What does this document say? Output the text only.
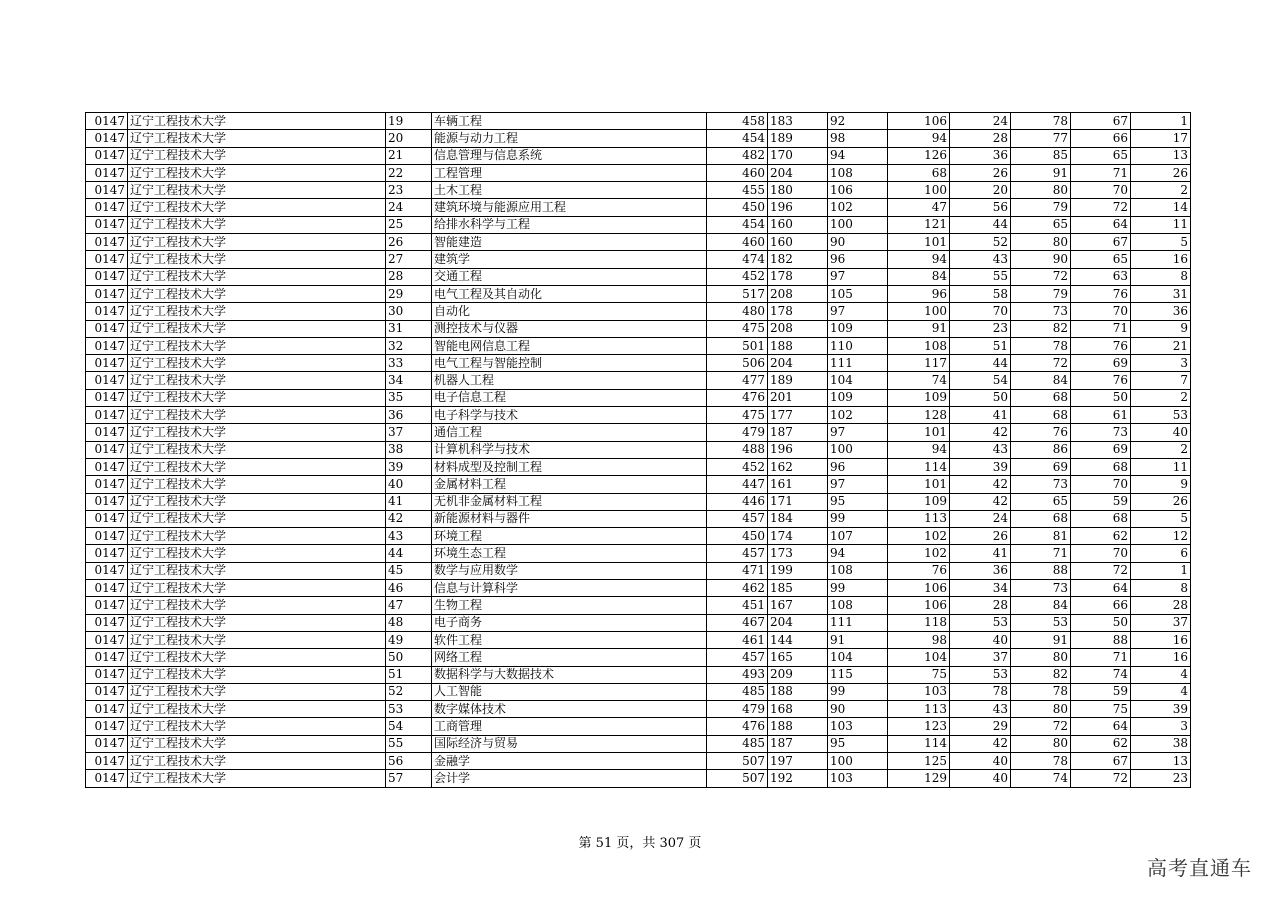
0147	辽宁工程技术大学	19	车辆工程	458	183	92	106	24	78	67	1
0147	辽宁工程技术大学	20	能源与动力工程	454	189	98	94	28	77	66	17
0147	辽宁工程技术大学	21	信息管理与信息系统	482	170	94	126	36	85	65	13
0147	辽宁工程技术大学	22	工程管理	460	204	108	68	26	91	71	26
0147	辽宁工程技术大学	23	土木工程	455	180	106	100	20	80	70	2
0147	辽宁工程技术大学	24	建筑环境与能源应用工程	450	196	102	47	56	79	72	14
0147	辽宁工程技术大学	25	给排水科学与工程	454	160	100	121	44	65	64	11
0147	辽宁工程技术大学	26	智能建造	460	160	90	101	52	80	67	5
0147	辽宁工程技术大学	27	建筑学	474	182	96	94	43	90	65	16
0147	辽宁工程技术大学	28	交通工程	452	178	97	84	55	72	63	8
0147	辽宁工程技术大学	29	电气工程及其自动化	517	208	105	96	58	79	76	31
0147	辽宁工程技术大学	30	自动化	480	178	97	100	70	73	70	36
0147	辽宁工程技术大学	31	测控技术与仪器	475	208	109	91	23	82	71	9
0147	辽宁工程技术大学	32	智能电网信息工程	501	188	110	108	51	78	76	21
0147	辽宁工程技术大学	33	电气工程与智能控制	506	204	111	117	44	72	69	3
0147	辽宁工程技术大学	34	机器人工程	477	189	104	74	54	84	76	7
0147	辽宁工程技术大学	35	电子信息工程	476	201	109	109	50	68	50	2
0147	辽宁工程技术大学	36	电子科学与技术	475	177	102	128	41	68	61	53
0147	辽宁工程技术大学	37	通信工程	479	187	97	101	42	76	73	40
0147	辽宁工程技术大学	38	计算机科学与技术	488	196	100	94	43	86	69	2
0147	辽宁工程技术大学	39	材料成型及控制工程	452	162	96	114	39	69	68	11
0147	辽宁工程技术大学	40	金属材料工程	447	161	97	101	42	73	70	9
0147	辽宁工程技术大学	41	无机非金属材料工程	446	171	95	109	42	65	59	26
0147	辽宁工程技术大学	42	新能源材料与器件	457	184	99	113	24	68	68	5
0147	辽宁工程技术大学	43	环境工程	450	174	107	102	26	81	62	12
0147	辽宁工程技术大学	44	环境生态工程	457	173	94	102	41	71	70	6
0147	辽宁工程技术大学	45	数学与应用数学	471	199	108	76	36	88	72	1
0147	辽宁工程技术大学	46	信息与计算科学	462	185	99	106	34	73	64	8
0147	辽宁工程技术大学	47	生物工程	451	167	108	106	28	84	66	28
0147	辽宁工程技术大学	48	电子商务	467	204	111	118	53	53	50	37
0147	辽宁工程技术大学	49	软件工程	461	144	91	98	40	91	88	16
0147	辽宁工程技术大学	50	网络工程	457	165	104	104	37	80	71	16
0147	辽宁工程技术大学	51	数据科学与大数据技术	493	209	115	75	53	82	74	4
0147	辽宁工程技术大学	52	人工智能	485	188	99	103	78	78	59	4
0147	辽宁工程技术大学	53	数字媒体技术	479	168	90	113	43	80	75	39
0147	辽宁工程技术大学	54	工商管理	476	188	103	123	29	72	64	3
0147	辽宁工程技术大学	55	国际经济与贸易	485	187	95	114	42	80	62	38
0147	辽宁工程技术大学	56	金融学	507	197	100	125	40	78	67	13
0147	辽宁工程技术大学	57	会计学	507	192	103	129	40	74	72	23
第 51 页，共 307 页
高考直通车
